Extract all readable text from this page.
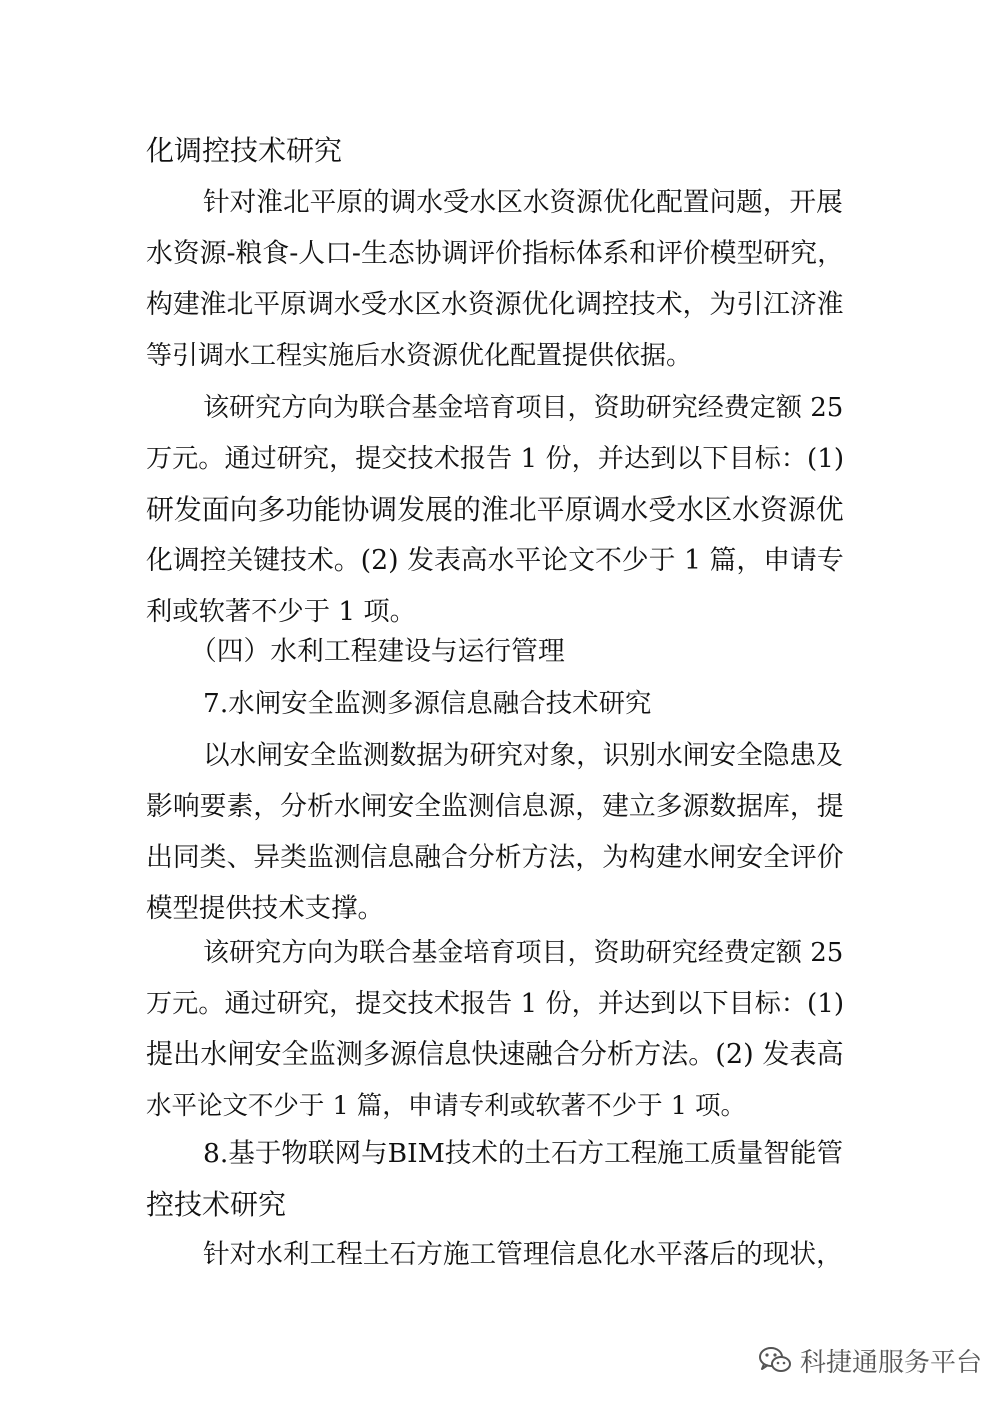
化调控技术研究
针对淮北平原的调水受水区水资源优化配置问题，开展
水资源-粮食-人口-生态协调评价指标体系和评价模型研究，
构建淮北平原调水受水区水资源优化调控技术，为引江济淮
等引调水工程实施后水资源优化配置提供依据。
该研究方向为联合基金培育项目，资助研究经费定额 25
万元。通过研究，提交技术报告 1 份，并达到以下目标：(1)
研发面向多功能协调发展的淮北平原调水受水区水资源优
化调控关键技术。(2) 发表高水平论文不少于 1 篇，申请专
利或软著不少于 1 项。
（四）水利工程建设与运行管理
7.水闸安全监测多源信息融合技术研究
以水闸安全监测数据为研究对象，识别水闸安全隐患及
影响要素，分析水闸安全监测信息源，建立多源数据库，提
出同类、异类监测信息融合分析方法，为构建水闸安全评价
模型提供技术支撑。
该研究方向为联合基金培育项目，资助研究经费定额 25
万元。通过研究，提交技术报告 1 份，并达到以下目标：(1)
提出水闸安全监测多源信息快速融合分析方法。(2) 发表高
水平论文不少于 1 篇，申请专利或软著不少于 1 项。
8.基于物联网与BIM技术的土石方工程施工质量智能管
控技术研究
针对水利工程土石方施工管理信息化水平落后的现状，
科捷通服务平台
